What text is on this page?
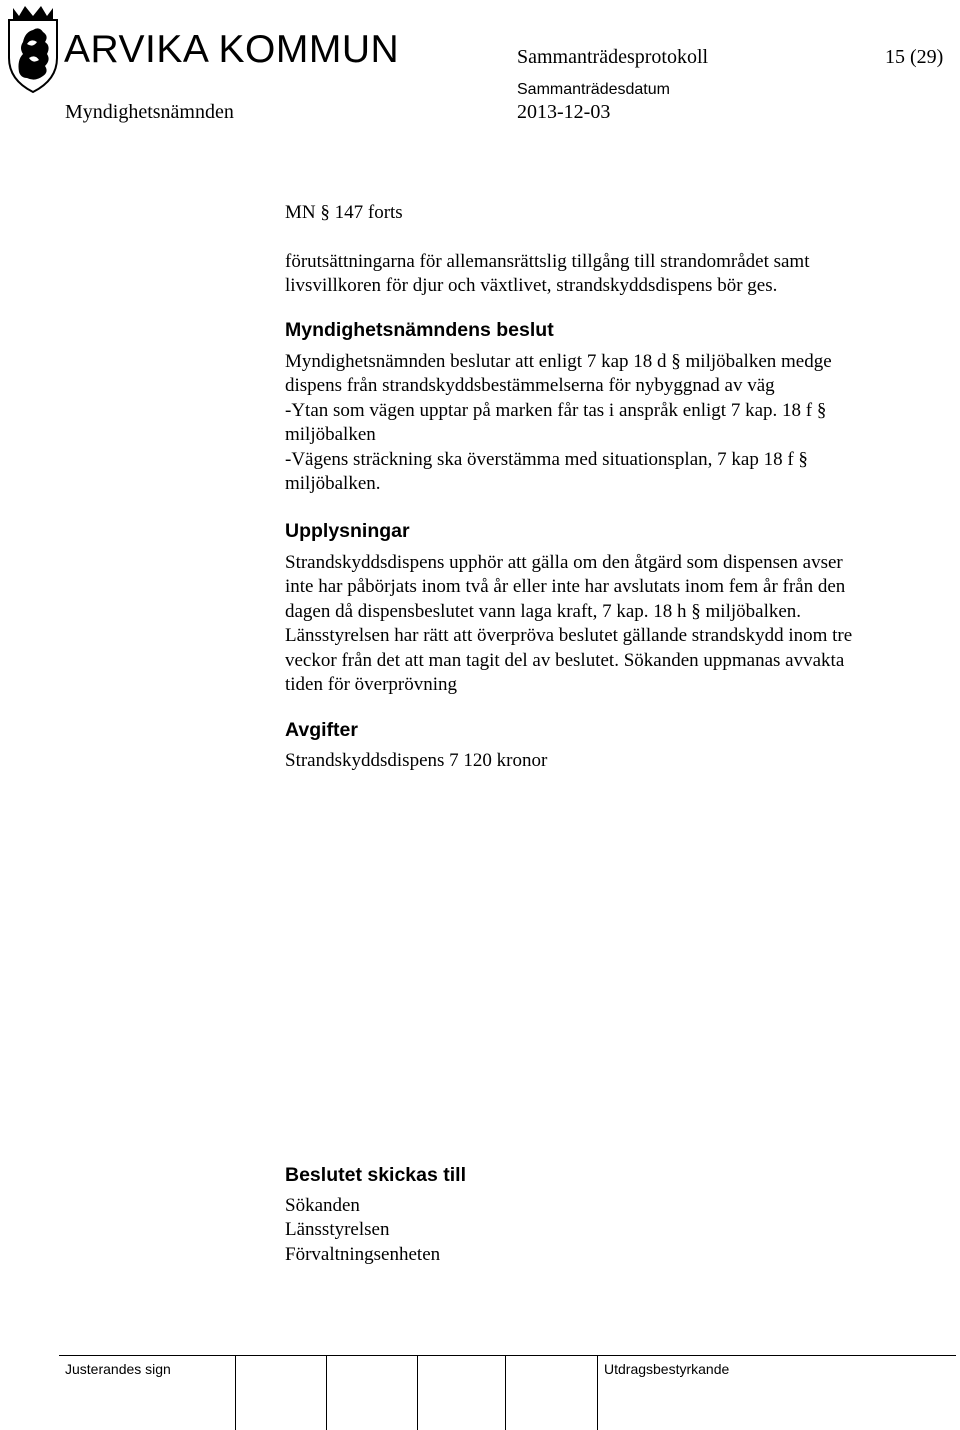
ARVIKA KOMMUN	Sammanträdesprotokoll	15 (29)
Sammanträdesdatum
Myndighetsnämnden	2013-12-03
MN § 147 forts
förutsättningarna för allemansrättslig tillgång till strandområdet samt
livsvillkoren för djur och växtlivet, strandskyddsdispens bör ges.
Myndighetsnämndens beslut
Myndighetsnämnden beslutar att enligt 7 kap 18 d § miljöbalken medge
dispens från strandskyddsbestämmelserna för nybyggnad av väg
-Ytan som vägen upptar på marken får tas i anspråk enligt 7 kap. 18 f §
miljöbalken
-Vägens sträckning ska överstämma med situationsplan, 7 kap 18 f §
miljöbalken.
Upplysningar
Strandskyddsdispens upphör att gälla om den åtgärd som dispensen avser
inte har påbörjats inom två år eller inte har avslutats inom fem år från den
dagen då dispensbeslutet vann laga kraft, 7 kap. 18 h § miljöbalken.
Länsstyrelsen har rätt att överpröva beslutet gällande strandskydd inom tre
veckor från det att man tagit del av beslutet. Sökanden uppmanas avvakta
tiden för överprövning
Avgifter
Strandskyddsdispens 7 120 kronor
Beslutet skickas till
Sökanden
Länsstyrelsen
Förvaltningsenheten
Justerandes sign	Utdragsbestyrkande
